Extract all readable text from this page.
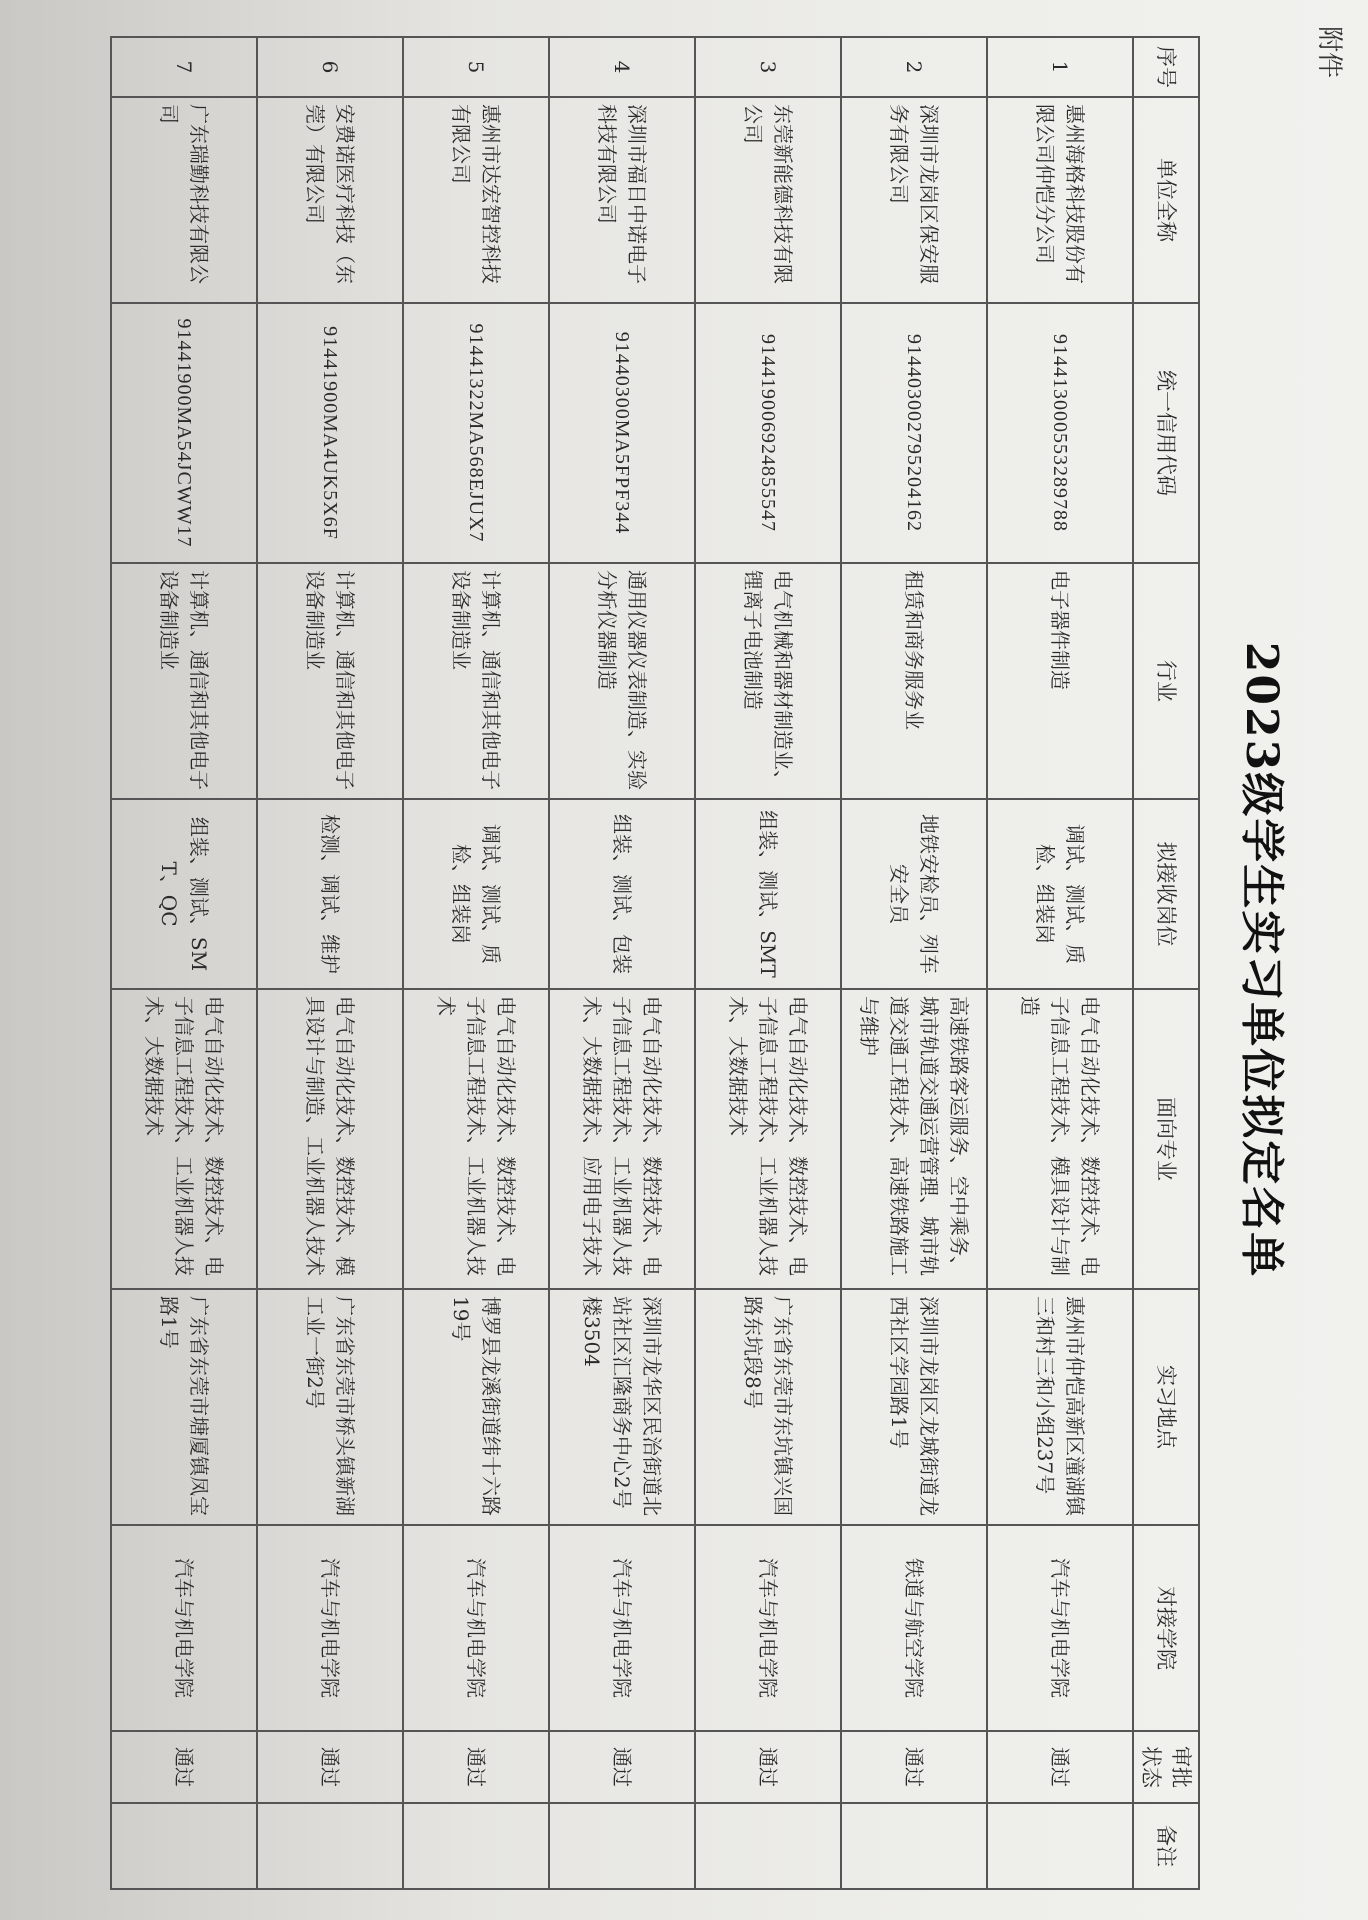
附件
2023级学生实习单位拟定名单
序号	单位全称	统一信用代码	行业	拟接收岗位	面向专业	实习地点	对接学院	审批状态	备注
1	惠州海格科技股份有限公司仲恺分公司	914413000553289788	电子器件制造	调试、测试、质检、组装岗	电气自动化技术、数控技术、电子信息工程技术、模具设计与制造	惠州市仲恺高新区潼湖镇三和村三和小组237号	汽车与机电学院	通过	
2	深圳市龙岗区保安服务有限公司	914403002795204162	租赁和商务服务业	地铁安检员、列车安全员	高速铁路客运服务、空中乘务、城市轨道交通运营管理、城市轨道交通工程技术、高速铁路施工与维护	深圳市龙岗区龙城街道龙西社区学园路1号	铁道与航空学院	通过	
3	东莞新能德科技有限公司	914419006924855547	电气机械和器材制造业、锂离子电池制造	组装、测试、SMT	电气自动化技术、数控技术、电子信息工程技术、工业机器人技术、大数据技术	广东省东莞市东坑镇兴国路东坑段8号	汽车与机电学院	通过	
4	深圳市福日中诺电子科技有限公司	91440300MA5FPF344	通用仪器仪表制造、实验分析仪器制造	组装、测试、包装	电气自动化技术、数控技术、电子信息工程技术、工业机器人技术、大数据技术、应用电子技术	深圳市龙华区民治街道北站社区汇隆商务中心2号楼3504	汽车与机电学院	通过	
5	惠州市达宏智控科技有限公司	91441322MA568EJUX7	计算机、通信和其他电子设备制造业	调试、测试、质检、组装岗	电气自动化技术、数控技术、电子信息工程技术、工业机器人技术	博罗县龙溪街道纬十六路19号	汽车与机电学院	通过	
6	安费诺医疗科技（东莞）有限公司	91441900MA4UK5X6F	计算机、通信和其他电子设备制造业	检测、调试、维护	电气自动化技术、数控技术、模具设计与制造、工业机器人技术	广东省东莞市桥头镇新湖工业一街2号	汽车与机电学院	通过	
7	广东瑞勤科技有限公司	91441900MA54JCWW17	计算机、通信和其他电子设备制造业	组装、测试、SMT、QC	电气自动化技术、数控技术、电子信息工程技术、工业机器人技术、大数据技术	广东省东莞市塘厦镇凤宝路1号	汽车与机电学院	通过	
